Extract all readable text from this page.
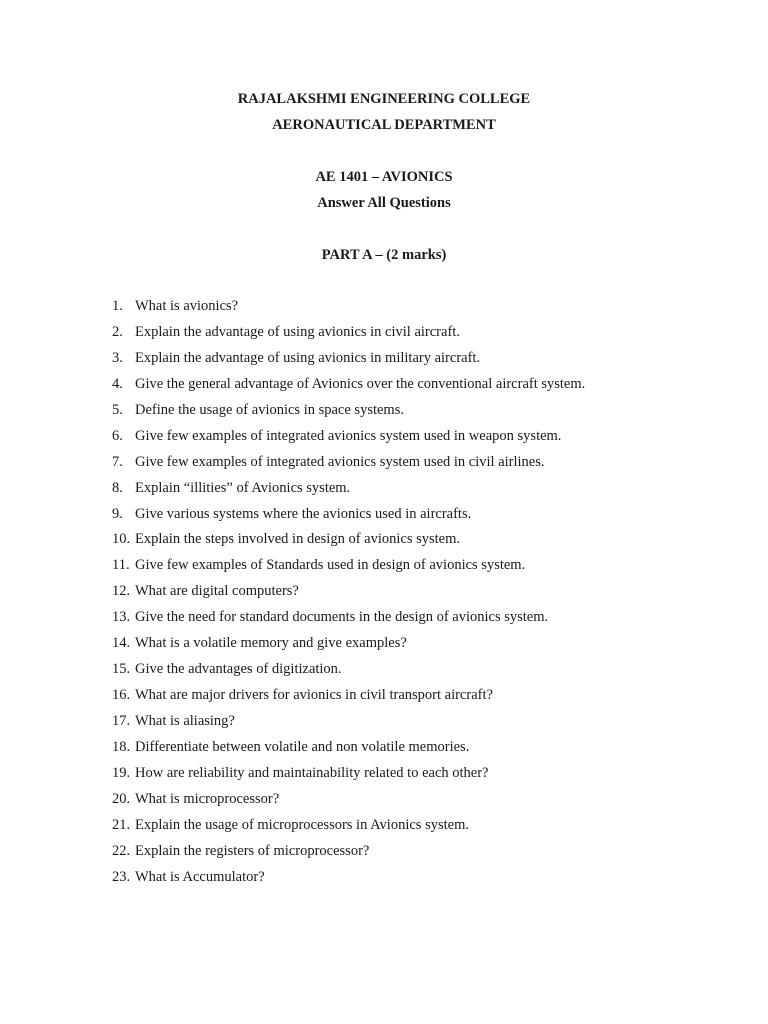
RAJALAKSHMI ENGINEERING COLLEGE

AERONAUTICAL DEPARTMENT

AE 1401 – AVIONICS

Answer All Questions

PART A – (2 marks)

1. What is avionics?
2. Explain the advantage of using avionics in civil aircraft.
3. Explain the advantage of using avionics in military aircraft.
4. Give the general advantage of Avionics over the conventional aircraft system.
5. Define the usage of avionics in space systems.
6. Give few examples of integrated avionics system used in weapon system.
7. Give few examples of integrated avionics system used in civil airlines.
8. Explain “illities” of Avionics system.
9. Give various systems where the avionics used in aircrafts.
10. Explain the steps involved in design of avionics system.
11. Give few examples of Standards used in design of avionics system.
12. What are digital computers?
13. Give the need for standard documents in the design of avionics system.
14. What is a volatile memory and give examples?
15. Give the advantages of digitization.
16. What are major drivers for avionics in civil transport aircraft?
17. What is aliasing?
18. Differentiate between volatile and non volatile memories.
19. How are reliability and maintainability related to each other?
20. What is microprocessor?
21. Explain the usage of microprocessors in Avionics system.
22. Explain the registers of microprocessor?
23. What is Accumulator?
